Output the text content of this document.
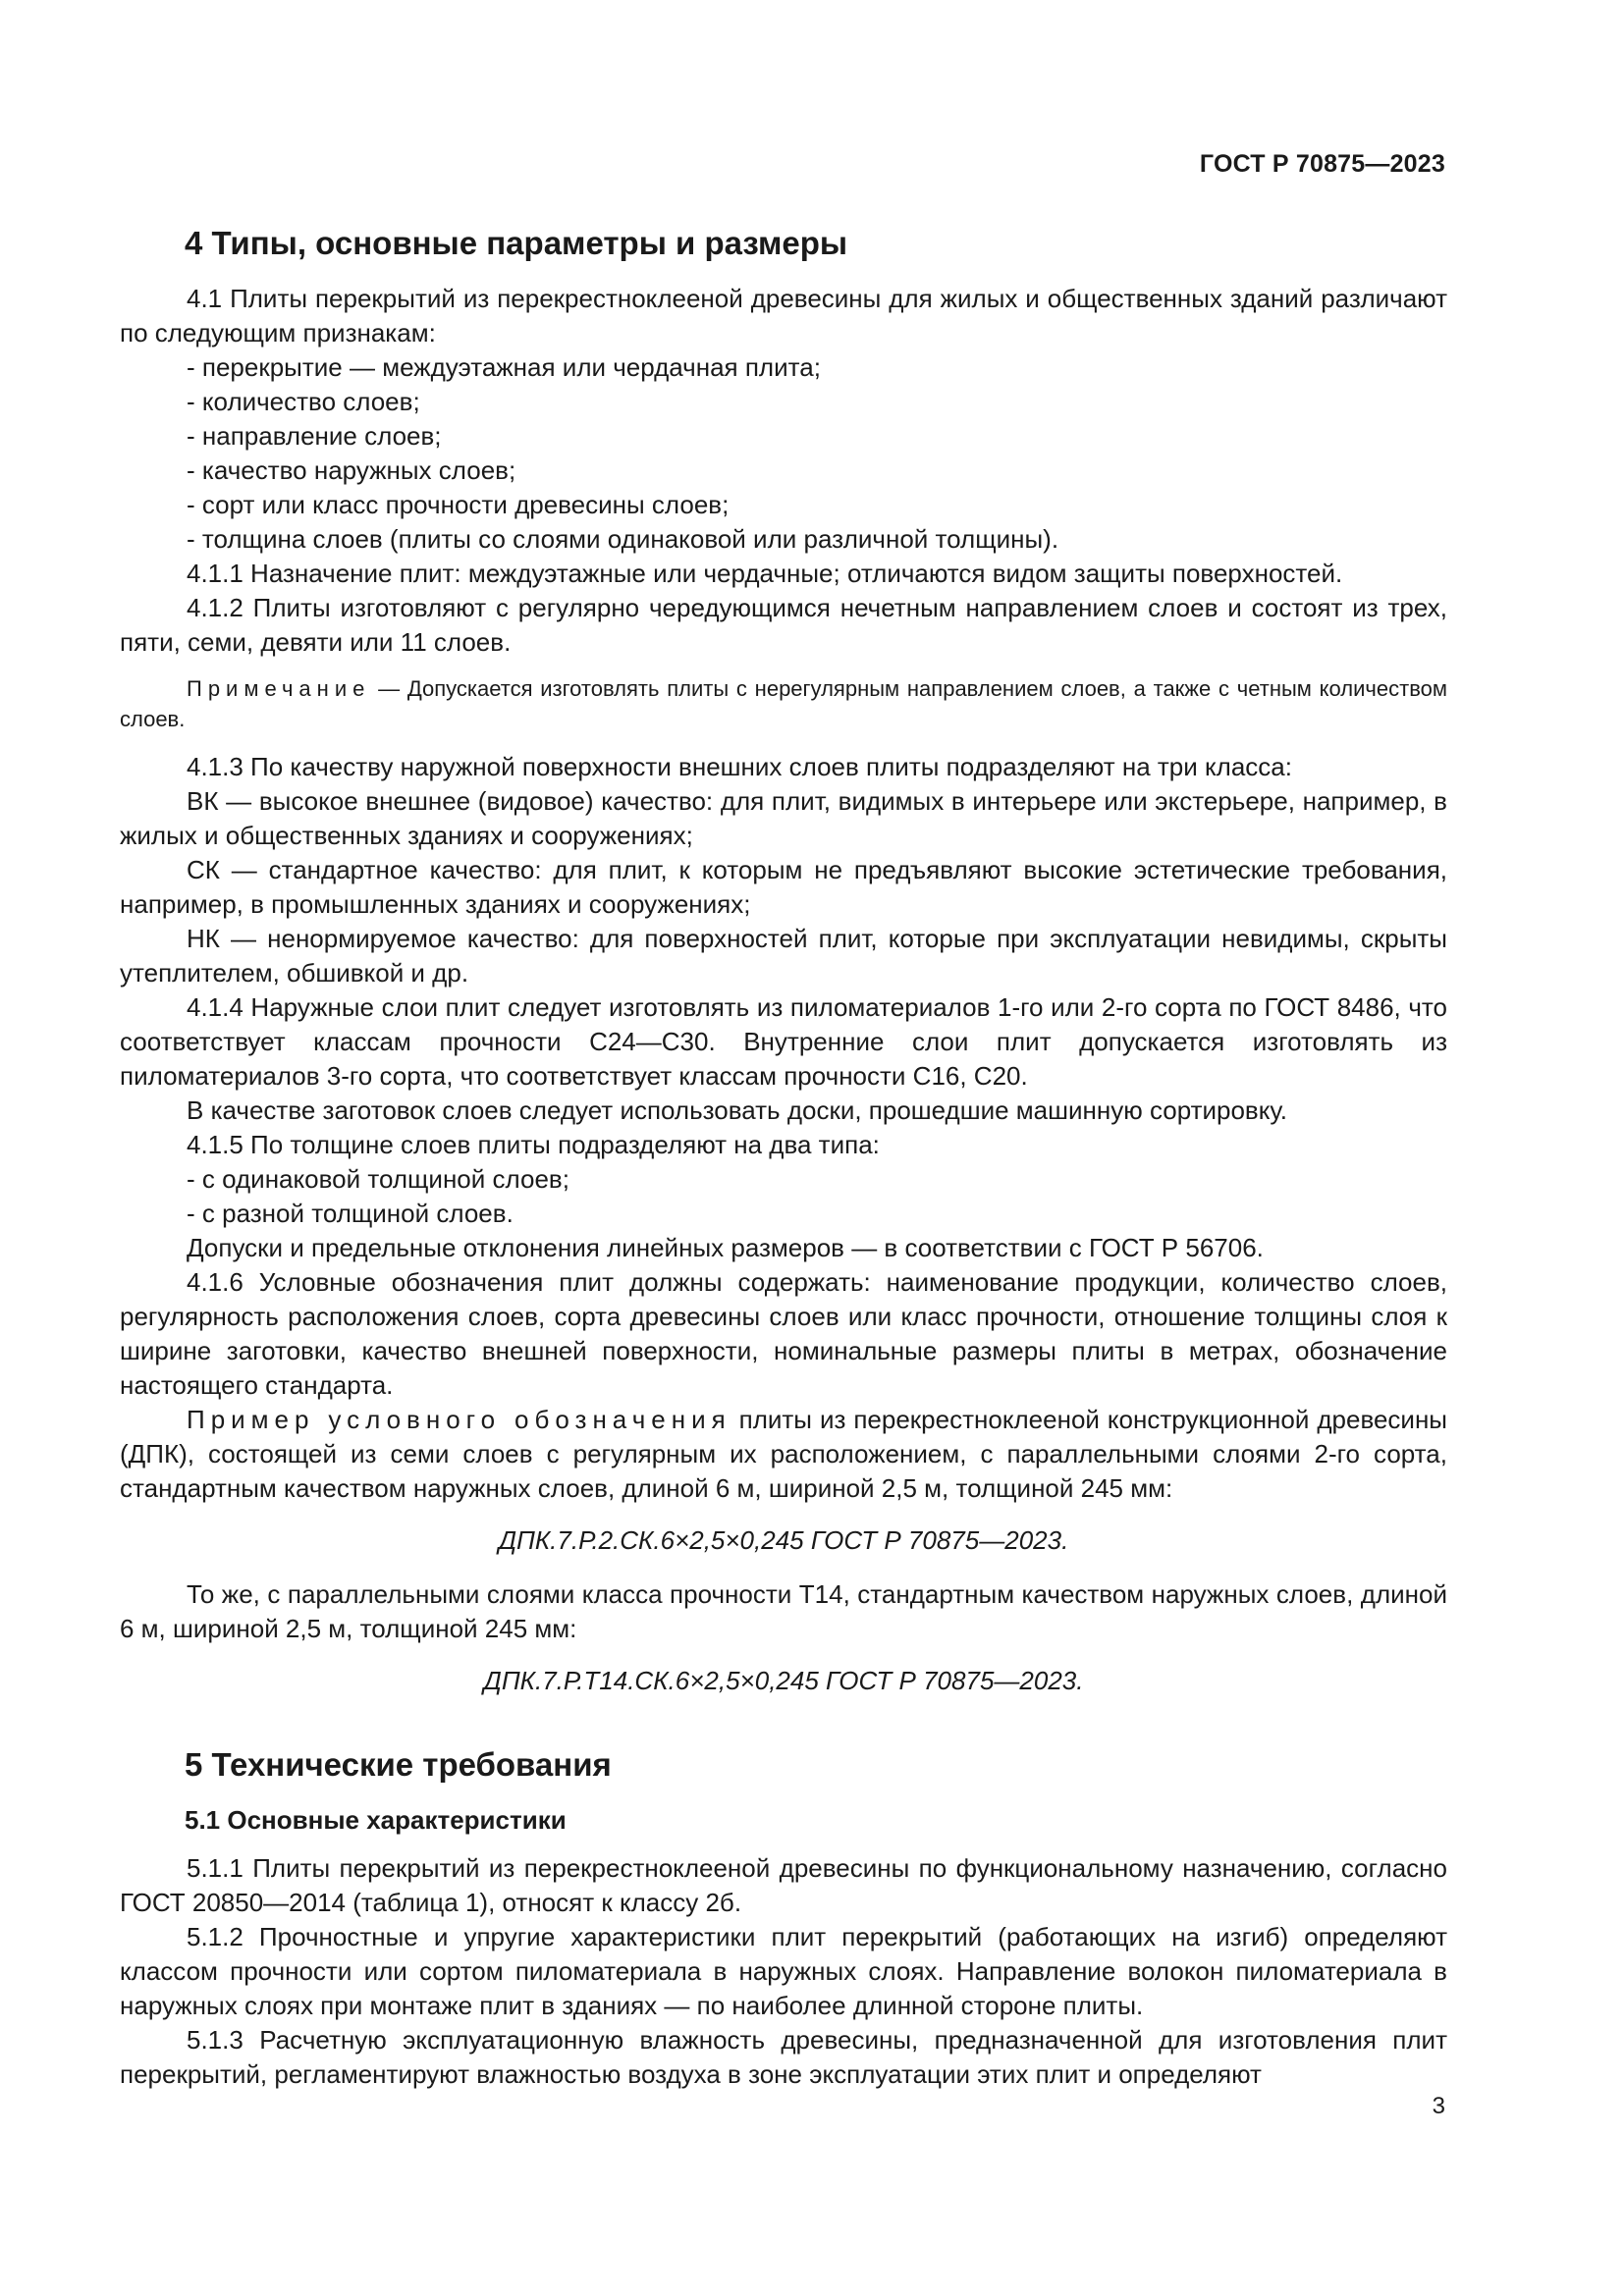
ГОСТ Р 70875—2023
4 Типы, основные параметры и размеры

4.1 Плиты перекрытий из перекрестноклееной древесины для жилых и общественных зданий различают по следующим признакам:

- перекрытие — междуэтажная или чердачная плита;

- количество слоев;

- направление слоев;

- качество наружных слоев;

- сорт или класс прочности древесины слоев;

- толщина слоев (плиты со слоями одинаковой или различной толщины).

4.1.1 Назначение плит: междуэтажные или чердачные; отличаются видом защиты поверхностей.

4.1.2 Плиты изготовляют с регулярно чередующимся нечетным направлением слоев и состоят из трех, пяти, семи, девяти или 11 слоев.

Примечание — Допускается изготовлять плиты с нерегулярным направлением слоев, а также с четным количеством слоев.

4.1.3 По качеству наружной поверхности внешних слоев плиты подразделяют на три класса:

ВК — высокое внешнее (видовое) качество: для плит, видимых в интерьере или экстерьере, например, в жилых и общественных зданиях и сооружениях;

СК — стандартное качество: для плит, к которым не предъявляют высокие эстетические требования, например, в промышленных зданиях и сооружениях;

НК — ненормируемое качество: для поверхностей плит, которые при эксплуатации невидимы, скрыты утеплителем, обшивкой и др.

4.1.4 Наружные слои плит следует изготовлять из пиломатериалов 1-го или 2-го сорта по ГОСТ 8486, что соответствует классам прочности С24—С30. Внутренние слои плит допускается изготовлять из пиломатериалов 3-го сорта, что соответствует классам прочности С16, С20.

В качестве заготовок слоев следует использовать доски, прошедшие машинную сортировку.

4.1.5 По толщине слоев плиты подразделяют на два типа:

- с одинаковой толщиной слоев;

- с разной толщиной слоев.

Допуски и предельные отклонения линейных размеров — в соответствии с ГОСТ Р 56706.

4.1.6 Условные обозначения плит должны содержать: наименование продукции, количество слоев, регулярность расположения слоев, сорта древесины слоев или класс прочности, отношение толщины слоя к ширине заготовки, качество внешней поверхности, номинальные размеры плиты в метрах, обозначение настоящего стандарта.

Пример условного обозначения плиты из перекрестноклееной конструкционной древесины (ДПК), состоящей из семи слоев с регулярным их расположением, с параллельными слоями 2-го сорта, стандартным качеством наружных слоев, длиной 6 м, шириной 2,5 м, толщиной 245 мм:

ДПК.7.Р.2.СК.6×2,5×0,245 ГОСТ Р 70875—2023.

То же, с параллельными слоями класса прочности Т14, стандартным качеством наружных слоев, длиной 6 м, шириной 2,5 м, толщиной 245 мм:

ДПК.7.Р.Т14.СК.6×2,5×0,245 ГОСТ Р 70875—2023.

5 Технические требования
5.1 Основные характеристики

5.1.1 Плиты перекрытий из перекрестноклееной древесины по функциональному назначению, согласно ГОСТ 20850—2014 (таблица 1), относят к классу 2б.

5.1.2 Прочностные и упругие характеристики плит перекрытий (работающих на изгиб) определяют классом прочности или сортом пиломатериала в наружных слоях. Направление волокон пиломатериала в наружных слоях при монтаже плит в зданиях — по наиболее длинной стороне плиты.

5.1.3 Расчетную эксплуатационную влажность древесины, предназначенной для изготовления плит перекрытий, регламентируют влажностью воздуха в зоне эксплуатации этих плит и определяют

3
